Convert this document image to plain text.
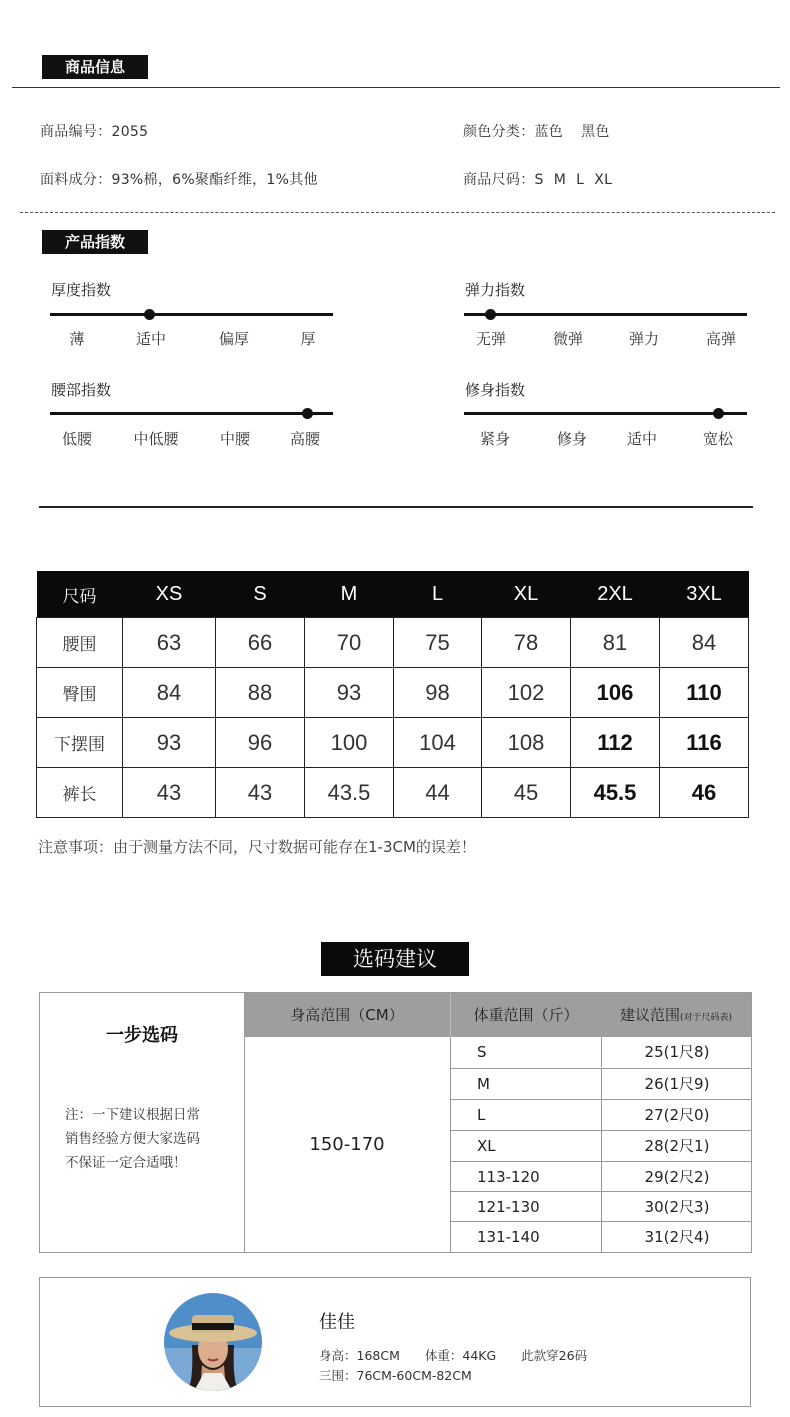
商品信息
商品编号：2055	颜色分类：蓝色 黑色
面料成分：93%棉，6%聚酯纤维，1%其他	商品尺码：S M L XL
产品指数
厚度指数
薄	适中	偏厚	厚
弹力指数
无弹	微弹	弹力	高弹
腰部指数
低腰	中低腰	中腰	高腰
修身指数
紧身	修身	适中	宽松
尺码	XS	S	M	L	XL	2XL	3XL
腰围	63	66	70	75	78	81	84
臀围	84	88	93	98	102	106	110
下摆围	93	96	100	104	108	112	116
裤长	43	43	43.5	44	45	45.5	46
注意事项：由于测量方法不同，尺寸数据可能存在1-3CM的误差！
选码建议
一步选码
注：一下建议根据日常
销售经验方便大家选码
不保证一定合适哦！
身高范围（CM）	体重范围（斤）	建议范围(对于尺码表)
150-170
S	25(1尺8)
M	26(1尺9)
L	27(2尺0)
XL	28(2尺1)
113-120	29(2尺2)
121-130	30(2尺3)
131-140	31(2尺4)
佳佳
身高：168CM　　体重：44KG　　此款穿26码
三围：76CM-60CM-82CM
